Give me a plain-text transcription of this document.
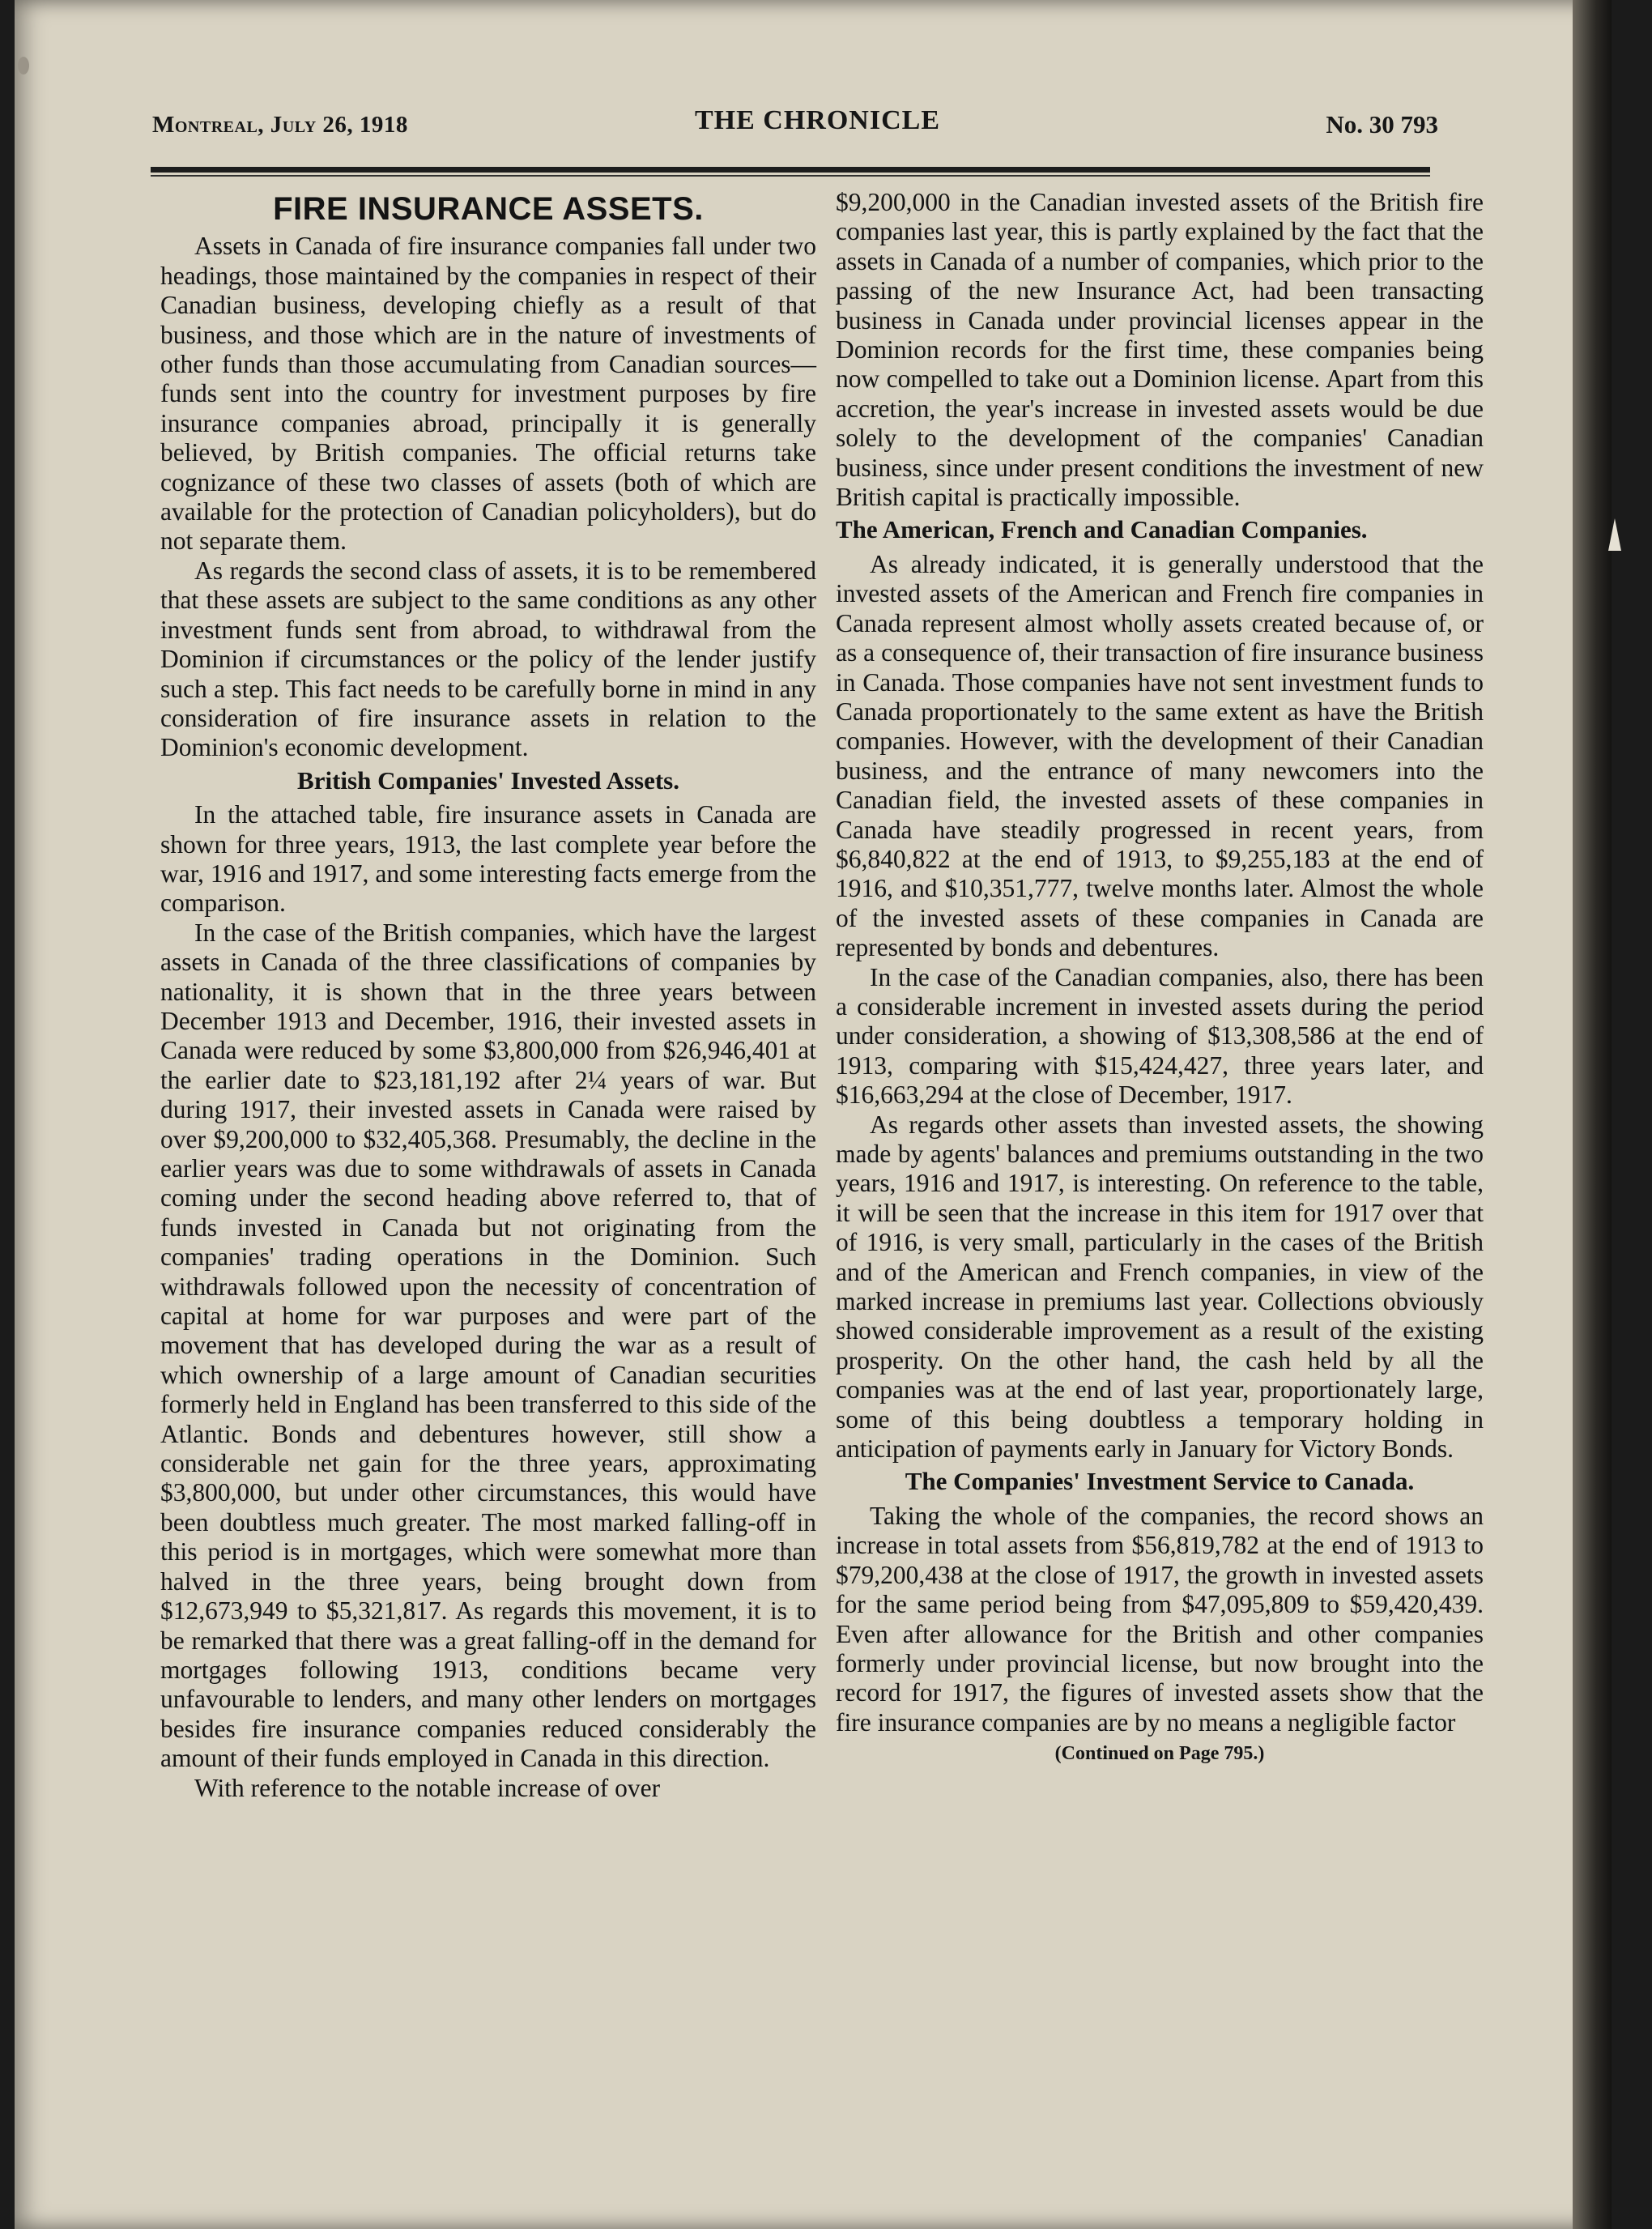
Montreal, July 26, 1918	THE CHRONICLE	No. 30 793
FIRE INSURANCE ASSETS.

Assets in Canada of fire insurance companies fall under two headings, those maintained by the companies in respect of their Canadian business, developing chiefly as a result of that business, and those which are in the nature of investments of other funds than those accumulating from Canadian sources—funds sent into the country for investment purposes by fire insurance companies abroad, principally it is generally believed, by British companies. The official returns take cognizance of these two classes of assets (both of which are available for the protection of Canadian policyholders), but do not separate them.

As regards the second class of assets, it is to be remembered that these assets are subject to the same conditions as any other investment funds sent from abroad, to withdrawal from the Dominion if circumstances or the policy of the lender justify such a step. This fact needs to be carefully borne in mind in any consideration of fire insurance assets in relation to the Dominion's economic development.

British Companies' Invested Assets.

In the attached table, fire insurance assets in Canada are shown for three years, 1913, the last complete year before the war, 1916 and 1917, and some interesting facts emerge from the comparison.

In the case of the British companies, which have the largest assets in Canada of the three classifications of companies by nationality, it is shown that in the three years between December 1913 and December, 1916, their invested assets in Canada were reduced by some $3,800,000 from $26,946,401 at the earlier date to $23,181,192 after 2¼ years of war. But during 1917, their invested assets in Canada were raised by over $9,200,000 to $32,405,368. Presumably, the decline in the earlier years was due to some withdrawals of assets in Canada coming under the second heading above referred to, that of funds invested in Canada but not originating from the companies' trading operations in the Dominion. Such withdrawals followed upon the necessity of concentration of capital at home for war purposes and were part of the movement that has developed during the war as a result of which ownership of a large amount of Canadian securities formerly held in England has been transferred to this side of the Atlantic. Bonds and debentures however, still show a considerable net gain for the three years, approximating $3,800,000, but under other circumstances, this would have been doubtless much greater. The most marked falling-off in this period is in mortgages, which were somewhat more than halved in the three years, being brought down from $12,673,949 to $5,321,817. As regards this movement, it is to be remarked that there was a great falling-off in the demand for mortgages following 1913, conditions became very unfavourable to lenders, and many other lenders on mortgages besides fire insurance companies reduced considerably the amount of their funds employed in Canada in this direction.

With reference to the notable increase of over

$9,200,000 in the Canadian invested assets of the British fire companies last year, this is partly explained by the fact that the assets in Canada of a number of companies, which prior to the passing of the new Insurance Act, had been transacting business in Canada under provincial licenses appear in the Dominion records for the first time, these companies being now compelled to take out a Dominion license. Apart from this accretion, the year's increase in invested assets would be due solely to the development of the companies' Canadian business, since under present conditions the investment of new British capital is practically impossible.

The American, French and Canadian Companies.

As already indicated, it is generally understood that the invested assets of the American and French fire companies in Canada represent almost wholly assets created because of, or as a consequence of, their transaction of fire insurance business in Canada. Those companies have not sent investment funds to Canada proportionately to the same extent as have the British companies. However, with the development of their Canadian business, and the entrance of many newcomers into the Canadian field, the invested assets of these companies in Canada have steadily progressed in recent years, from $6,840,822 at the end of 1913, to $9,255,183 at the end of 1916, and $10,351,777, twelve months later. Almost the whole of the invested assets of these companies in Canada are represented by bonds and debentures.

In the case of the Canadian companies, also, there has been a considerable increment in invested assets during the period under consideration, a showing of $13,308,586 at the end of 1913, comparing with $15,424,427, three years later, and $16,663,294 at the close of December, 1917.

As regards other assets than invested assets, the showing made by agents' balances and premiums outstanding in the two years, 1916 and 1917, is interesting. On reference to the table, it will be seen that the increase in this item for 1917 over that of 1916, is very small, particularly in the cases of the British and of the American and French companies, in view of the marked increase in premiums last year. Collections obviously showed considerable improvement as a result of the existing prosperity. On the other hand, the cash held by all the companies was at the end of last year, proportionately large, some of this being doubtless a temporary holding in anticipation of payments early in January for Victory Bonds.

The Companies' Investment Service to Canada.

Taking the whole of the companies, the record shows an increase in total assets from $56,819,782 at the end of 1913 to $79,200,438 at the close of 1917, the growth in invested assets for the same period being from $47,095,809 to $59,420,439. Even after allowance for the British and other companies formerly under provincial license, but now brought into the record for 1917, the figures of invested assets show that the fire insurance companies are by no means a negligible factor

(Continued on Page 795.)
